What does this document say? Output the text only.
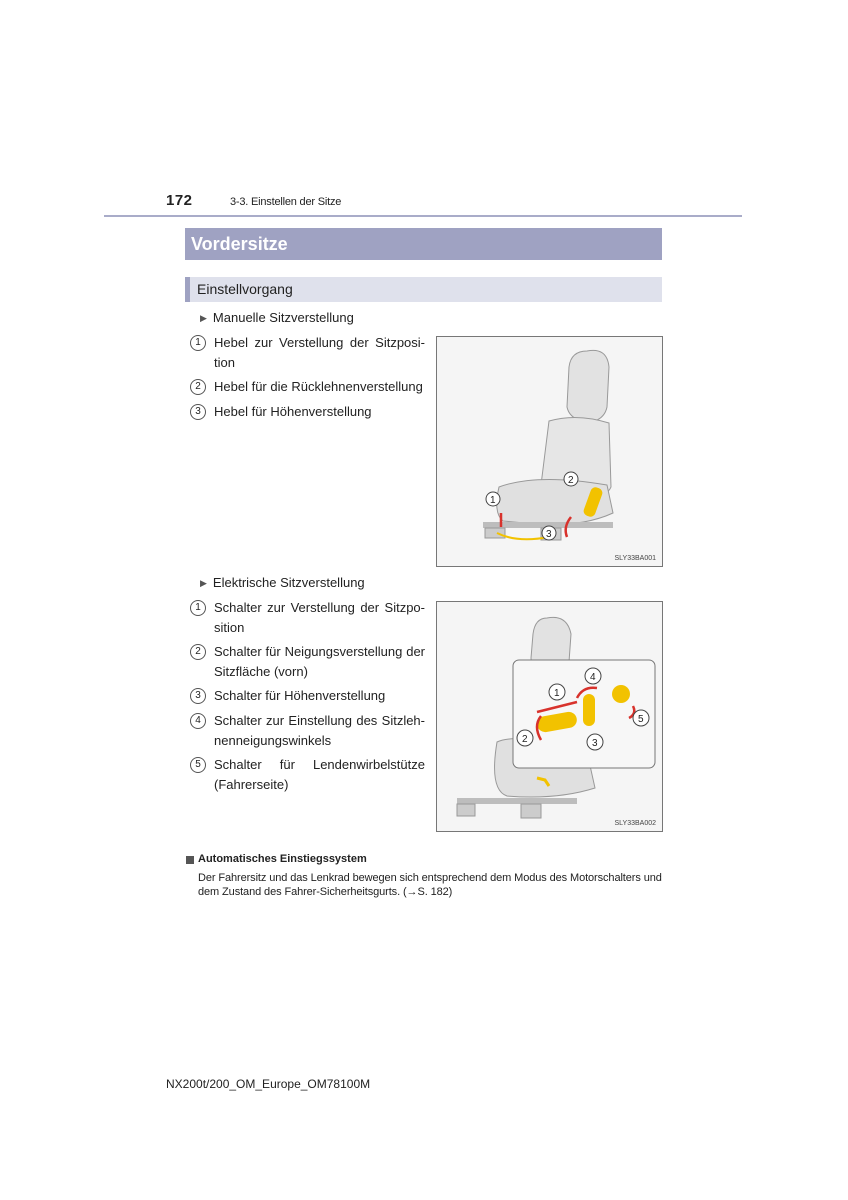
172	3-3. Einstellen der Sitze
Vordersitze
Einstellvorgang
▶ Manuelle Sitzverstellung
1	Hebel zur Verstellung der Sitzposi-tion
2	Hebel für die Rücklehnenverstellung
3	Hebel für Höhenverstellung
1
2
3
SLY33BA001
▶ Elektrische Sitzverstellung
1	Schalter zur Verstellung der Sitzpo-sition
2	Schalter für Neigungsverstellung der Sitzfläche (vorn)
3	Schalter für Höhenverstellung
4	Schalter zur Einstellung des Sitzleh-nenneigungswinkels
5	Schalter für Lendenwirbelstütze (Fahrerseite)
1
2	3
4
5
SLY33BA002
Automatisches Einstiegssystem
Der Fahrersitz und das Lenkrad bewegen sich entsprechend dem Modus des Motorschalters und dem Zustand des Fahrer-Sicherheitsgurts. (→S. 182)
NX200t/200_OM_Europe_OM78100M
